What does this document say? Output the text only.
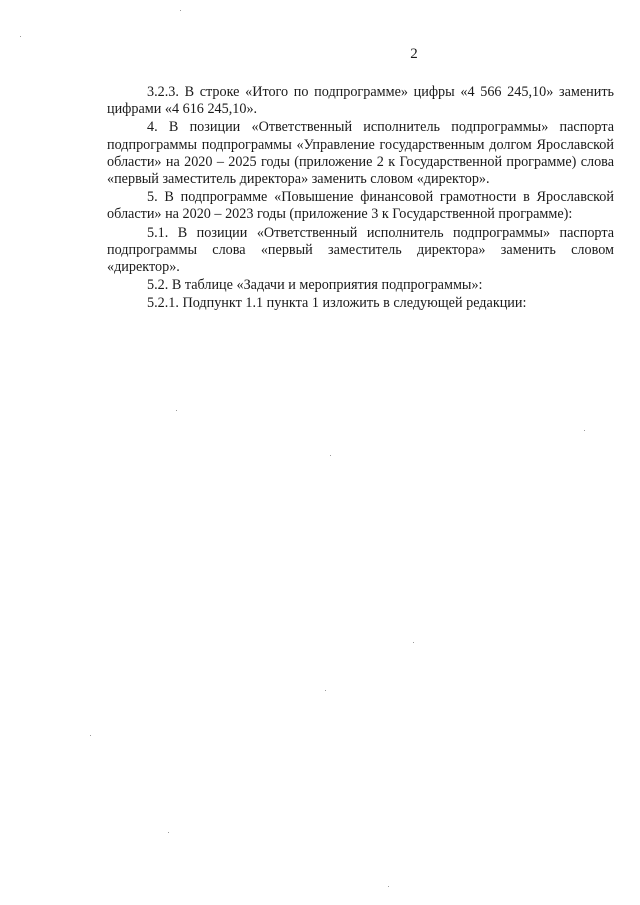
2

3.2.3. В строке «Итого по подпрограмме» цифры «4 566 245,10» заменить цифрами «4 616 245,10».

4. В позиции «Ответственный исполнитель подпрограммы» паспорта подпрограммы подпрограммы «Управление государственным долгом Ярославской области» на 2020 – 2025 годы (приложение 2 к Государственной программе) слова «первый заместитель директора» заменить словом «директор».

5. В подпрограмме «Повышение финансовой грамотности в Ярославской области» на 2020 – 2023 годы (приложение 3 к Государственной программе):

5.1. В позиции «Ответственный исполнитель подпрограммы» паспорта подпрограммы слова «первый заместитель директора» заменить словом «директор».

5.2. В таблице «Задачи и мероприятия подпрограммы»:

5.2.1. Подпункт 1.1 пункта 1 изложить в следующей редакции:
